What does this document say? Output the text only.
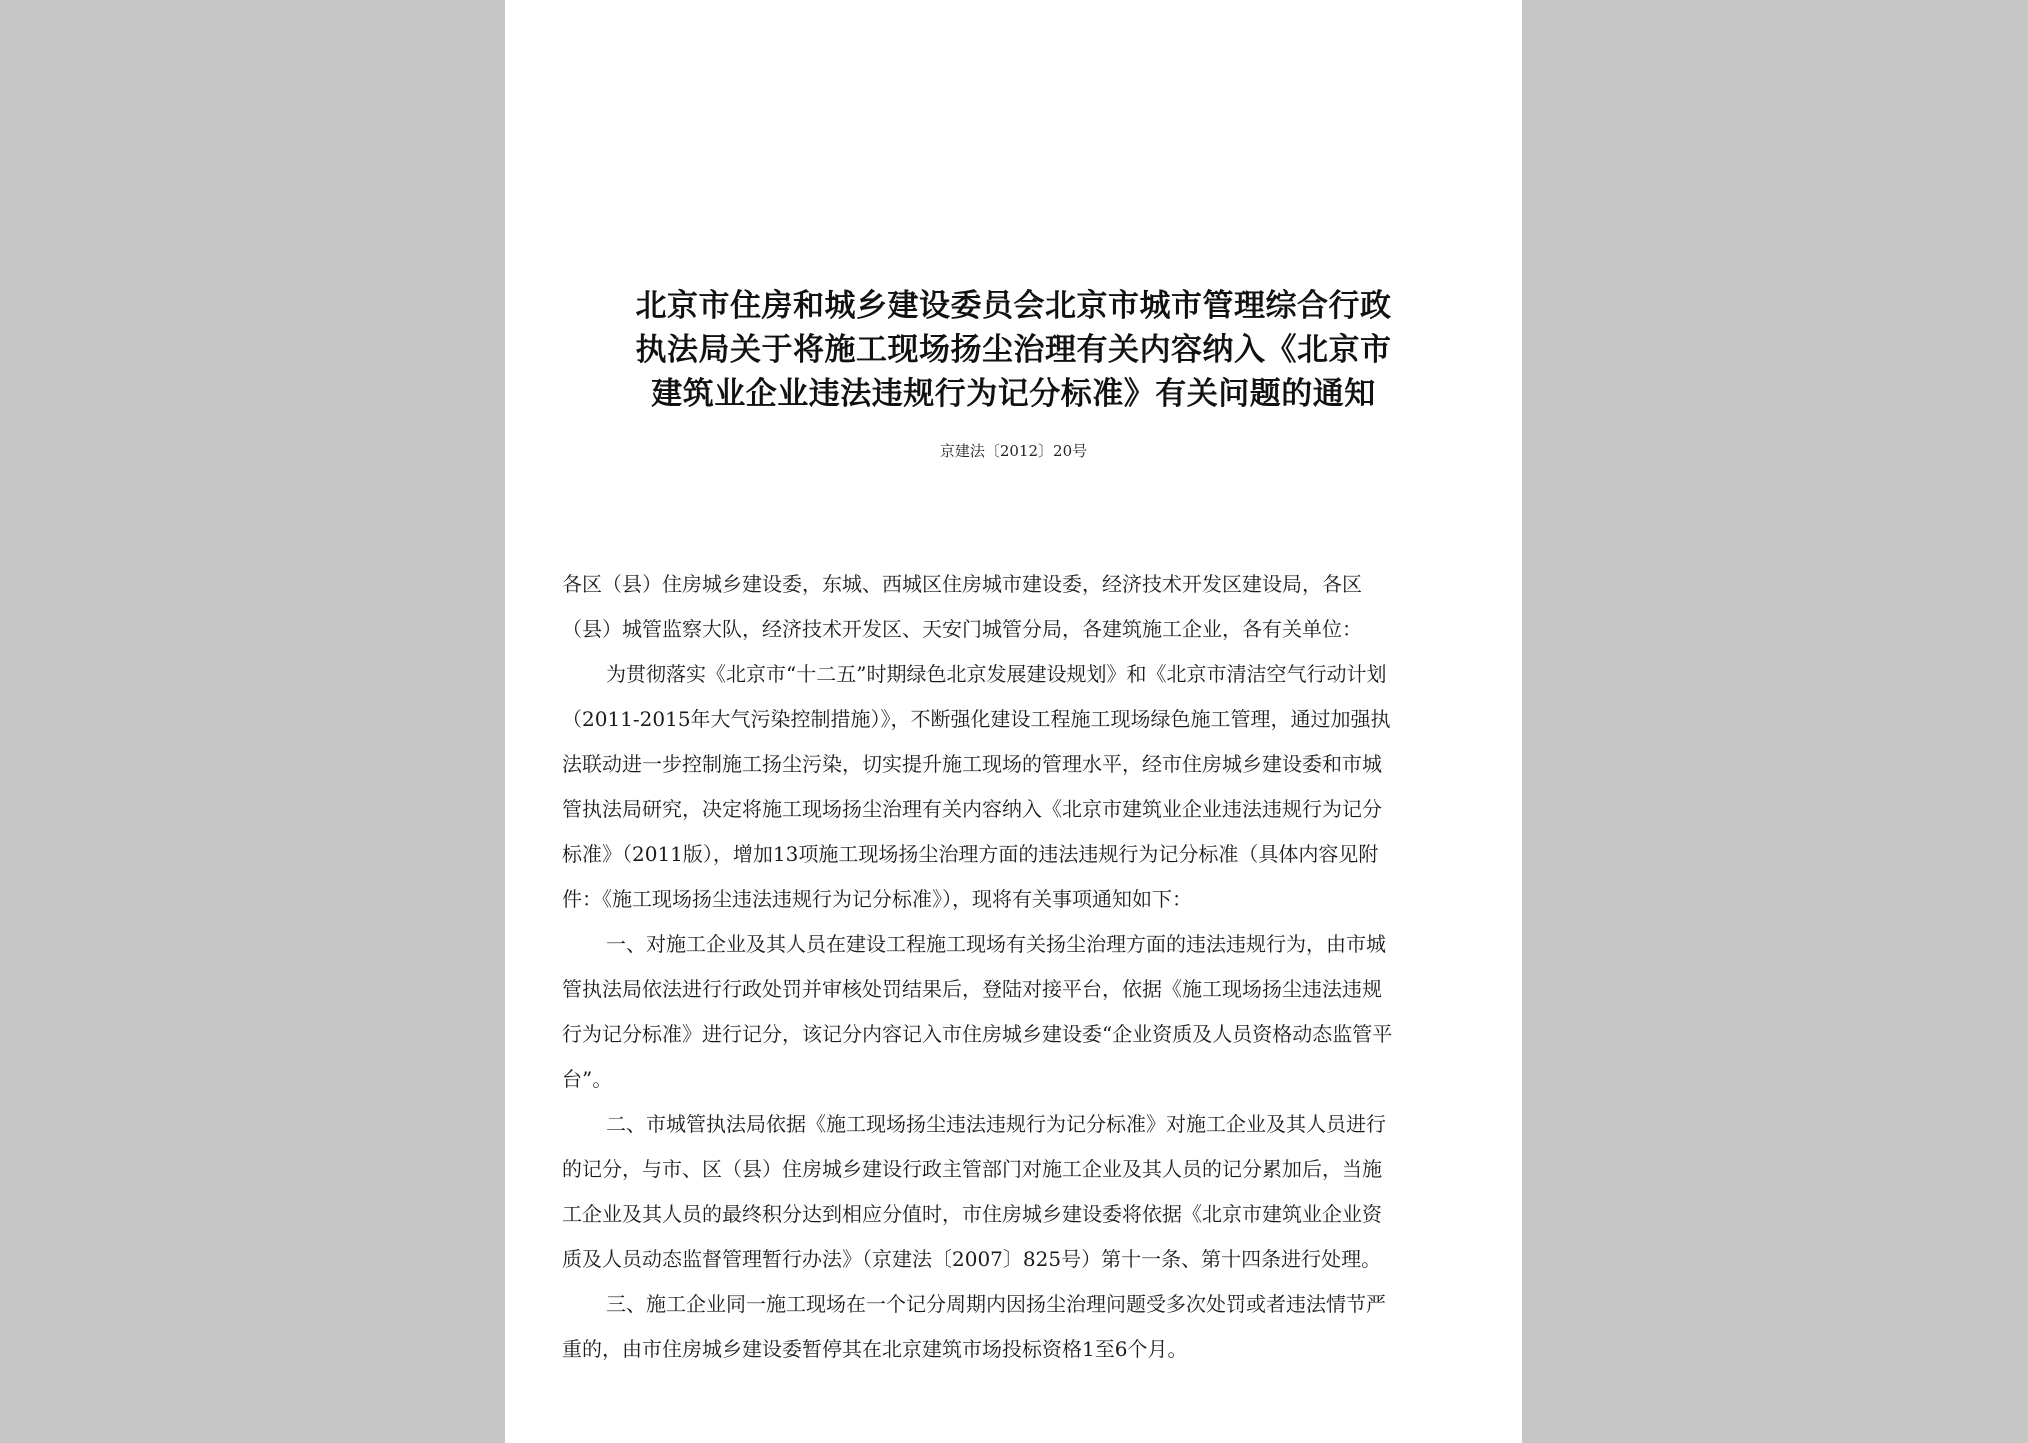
北京市住房和城乡建设委员会北京市城市管理综合行政
执法局关于将施工现场扬尘治理有关内容纳入《北京市
建筑业企业违法违规行为记分标准》有关问题的通知
京建法〔2012〕20号
各区（县）住房城乡建设委，东城、西城区住房城市建设委，经济技术开发区建设局，各区
（县）城管监察大队，经济技术开发区、天安门城管分局，各建筑施工企业，各有关单位：
为贯彻落实《北京市“十二五”时期绿色北京发展建设规划》和《北京市清洁空气行动计划
（2011-2015年大气污染控制措施）》，不断强化建设工程施工现场绿色施工管理，通过加强执
法联动进一步控制施工扬尘污染，切实提升施工现场的管理水平，经市住房城乡建设委和市城
管执法局研究，决定将施工现场扬尘治理有关内容纳入《北京市建筑业企业违法违规行为记分
标准》（2011版），增加13项施工现场扬尘治理方面的违法违规行为记分标准（具体内容见附
件：《施工现场扬尘违法违规行为记分标准》），现将有关事项通知如下：
一、对施工企业及其人员在建设工程施工现场有关扬尘治理方面的违法违规行为，由市城
管执法局依法进行行政处罚并审核处罚结果后，登陆对接平台，依据《施工现场扬尘违法违规
行为记分标准》进行记分，该记分内容记入市住房城乡建设委“企业资质及人员资格动态监管平
台”。
二、市城管执法局依据《施工现场扬尘违法违规行为记分标准》对施工企业及其人员进行
的记分，与市、区（县）住房城乡建设行政主管部门对施工企业及其人员的记分累加后，当施
工企业及其人员的最终积分达到相应分值时，市住房城乡建设委将依据《北京市建筑业企业资
质及人员动态监督管理暂行办法》（京建法〔2007〕825号）第十一条、第十四条进行处理。
三、施工企业同一施工现场在一个记分周期内因扬尘治理问题受多次处罚或者违法情节严
重的，由市住房城乡建设委暂停其在北京建筑市场投标资格1至6个月。
